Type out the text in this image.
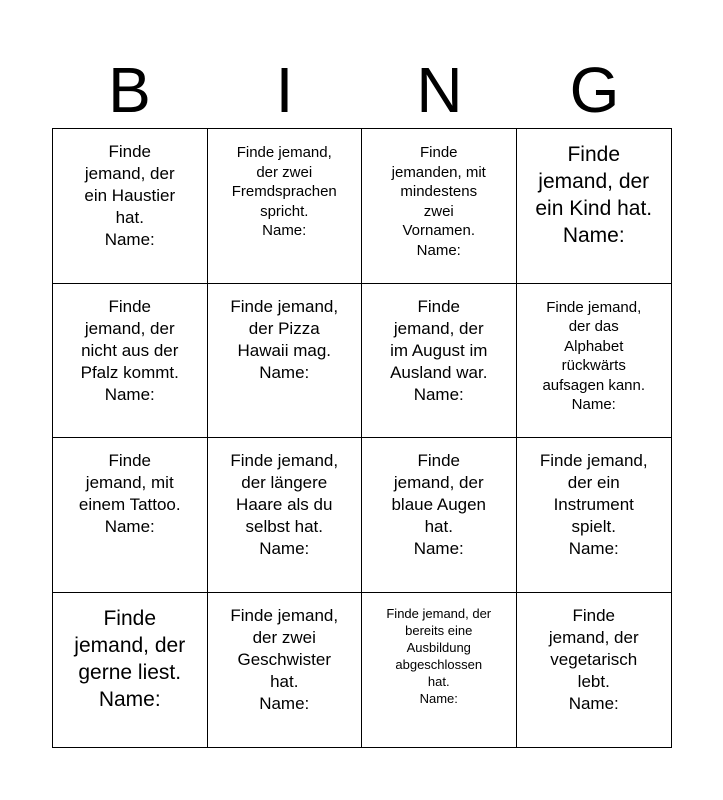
B	I	N	G
Finde
jemand, der
ein Haustier
hat.
Name:
Finde jemand,
der zwei
Fremdsprachen
spricht.
Name:
Finde
jemanden, mit
mindestens
zwei
Vornamen.
Name:
Finde
jemand, der
ein Kind hat.
Name:
Finde
jemand, der
nicht aus der
Pfalz kommt.
Name:
Finde jemand,
der Pizza
Hawaii mag.
Name:
Finde
jemand, der
im August im
Ausland war.
Name:
Finde jemand,
der das
Alphabet
rückwärts
aufsagen kann.
Name:
Finde
jemand, mit
einem Tattoo.
Name:
Finde jemand,
der längere
Haare als du
selbst hat.
Name:
Finde
jemand, der
blaue Augen
hat.
Name:
Finde jemand,
der ein
Instrument
spielt.
Name:
Finde
jemand, der
gerne liest.
Name:
Finde jemand,
der zwei
Geschwister
hat.
Name:
Finde jemand, der
bereits eine
Ausbildung
abgeschlossen
hat.
Name:
Finde
jemand, der
vegetarisch
lebt.
Name:
